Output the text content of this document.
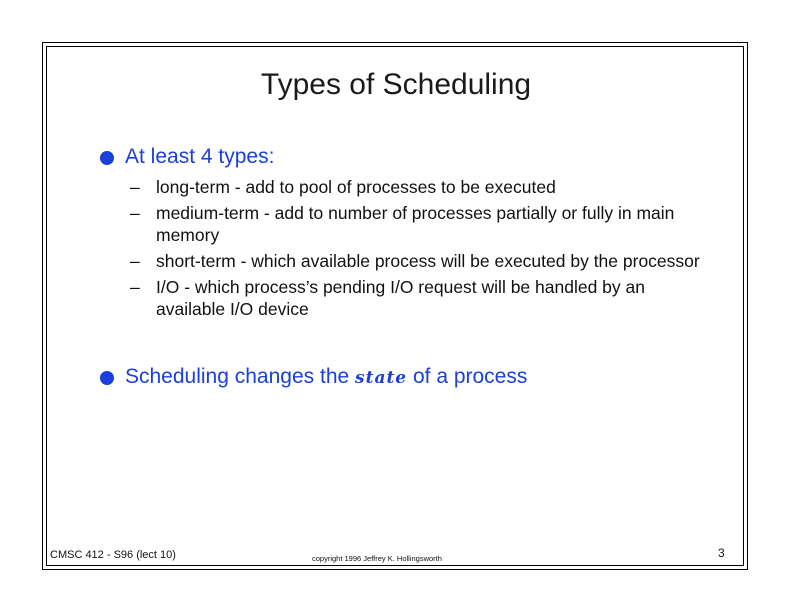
Types of Scheduling
At least 4 types:
– long-term - add to pool of processes to be executed
– medium-term - add to number of processes partially or fully in main memory
– short-term - which available process will be executed by the processor
– I/O - which process’s pending I/O request will be handled by an available I/O device
Scheduling changes the state of a process
CMSC 412 - S96 (lect 10)	copyright 1996 Jeffrey K. Hollingsworth	3
